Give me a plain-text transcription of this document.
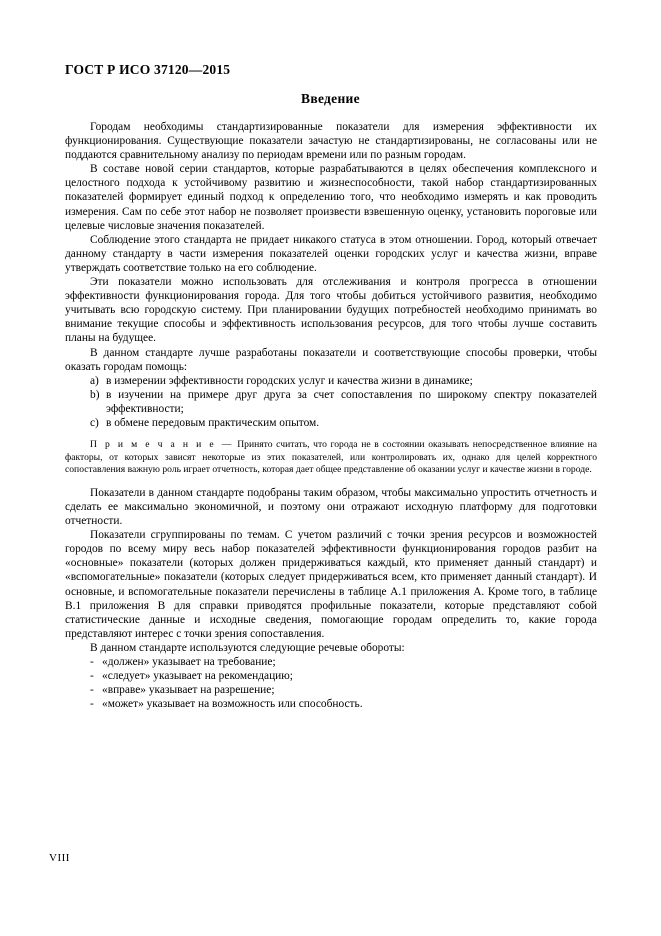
ГОСТ Р ИСО 37120—2015
Введение

Городам необходимы стандартизированные показатели для измерения эффективности их функционирования. Существующие показатели зачастую не стандартизированы, не согласованы или не поддаются сравнительному анализу по периодам времени или по разным городам.

В составе новой серии стандартов, которые разрабатываются в целях обеспечения комплексного и целостного подхода к устойчивому развитию и жизнеспособности, такой набор стандартизированных показателей формирует единый подход к определению того, что необходимо измерять и как проводить измерения. Сам по себе этот набор не позволяет произвести взвешенную оценку, установить пороговые или целевые числовые значения показателей.

Соблюдение этого стандарта не придает никакого статуса в этом отношении. Город, который отвечает данному стандарту в части измерения показателей оценки городских услуг и качества жизни, вправе утверждать соответствие только на его соблюдение.

Эти показатели можно использовать для отслеживания и контроля прогресса в отношении эффективности функционирования города. Для того чтобы добиться устойчивого развития, необходимо учитывать всю городскую систему. При планировании будущих потребностей необходимо принимать во внимание текущие способы и эффективность использования ресурсов, для того чтобы лучше составить планы на будущее.

В данном стандарте лучше разработаны показатели и соответствующие способы проверки, чтобы оказать городам помощь:

a) в измерении эффективности городских услуг и качества жизни в динамике;
b) в изучении на примере друг друга за счет сопоставления по широкому спектру показателей эффективности;
c) в обмене передовым практическим опытом.

П р и м е ч а н и е — Принято считать, что города не в состоянии оказывать непосредственное влияние на факторы, от которых зависят некоторые из этих показателей, или контролировать их, однако для целей корректного сопоставления важную роль играет отчетность, которая дает общее представление об оказании услуг и качестве жизни в городе.

Показатели в данном стандарте подобраны таким образом, чтобы максимально упростить отчетность и сделать ее максимально экономичной, и поэтому они отражают исходную платформу для подготовки отчетности.

Показатели сгруппированы по темам. С учетом различий с точки зрения ресурсов и возможностей городов по всему миру весь набор показателей эффективности функционирования городов разбит на «основные» показатели (которых должен придерживаться каждый, кто применяет данный стандарт) и «вспомогательные» показатели (которых следует придерживаться всем, кто применяет данный стандарт). И основные, и вспомогательные показатели перечислены в таблице А.1 приложения А. Кроме того, в таблице В.1 приложения В для справки приводятся профильные показатели, которые представляют собой статистические данные и исходные сведения, помогающие городам определить то, какие города представляют интерес с точки зрения сопоставления.

В данном стандарте используются следующие речевые обороты:

- «должен» указывает на требование;
- «следует» указывает на рекомендацию;
- «вправе» указывает на разрешение;
- «может» указывает на возможность или способность.
VIII
